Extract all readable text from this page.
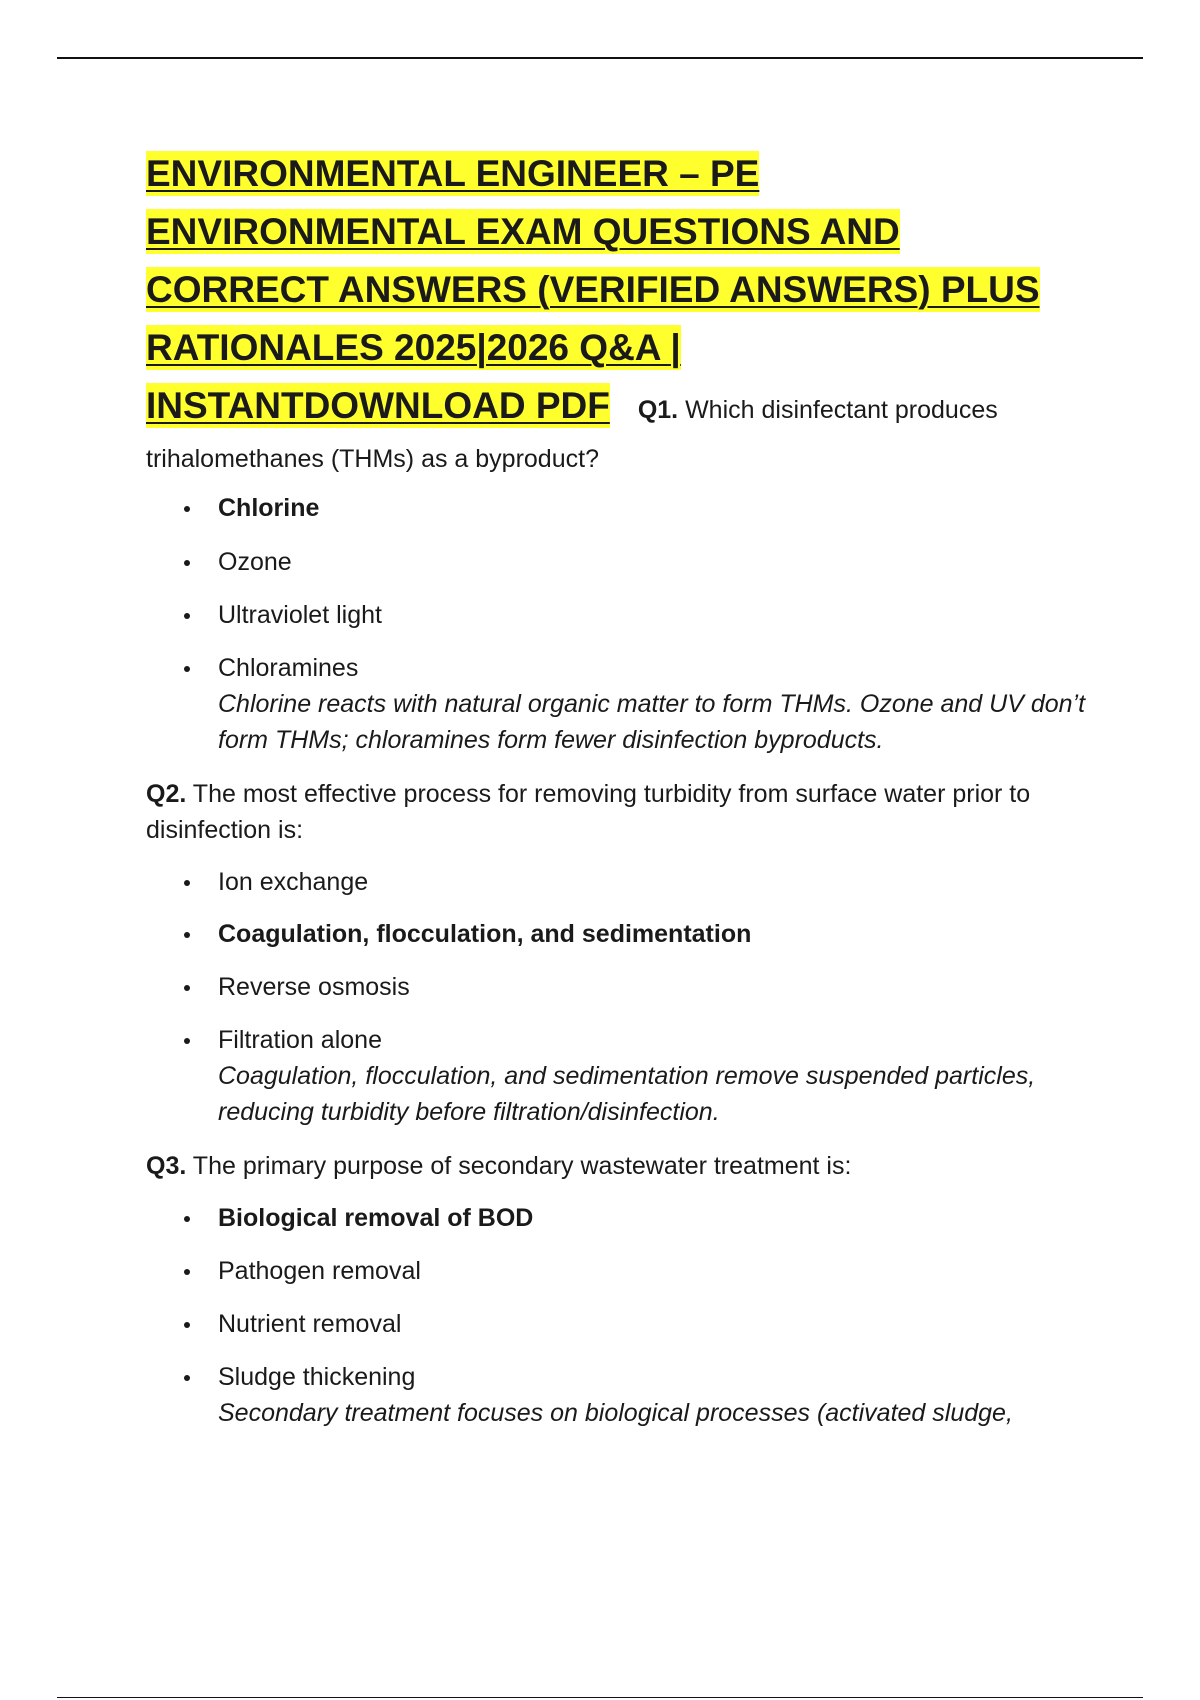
ENVIRONMENTAL ENGINEER – PE
ENVIRONMENTAL EXAM QUESTIONS AND
CORRECT ANSWERS (VERIFIED ANSWERS) PLUS
RATIONALES 2025|2026 Q&A |
INSTANTDOWNLOAD PDF Q1. Which disinfectant produces

trihalomethanes (THMs) as a byproduct?

Chlorine
Ozone
Ultraviolet light
Chloramines
Chlorine reacts with natural organic matter to form THMs. Ozone and UV don’t form THMs; chloramines form fewer disinfection byproducts.

Q2. The most effective process for removing turbidity from surface water prior to disinfection is:

Ion exchange
Coagulation, flocculation, and sedimentation
Reverse osmosis
Filtration alone
Coagulation, flocculation, and sedimentation remove suspended particles, reducing turbidity before filtration/disinfection.

Q3. The primary purpose of secondary wastewater treatment is:

Biological removal of BOD
Pathogen removal
Nutrient removal
Sludge thickening
Secondary treatment focuses on biological processes (activated sludge,
